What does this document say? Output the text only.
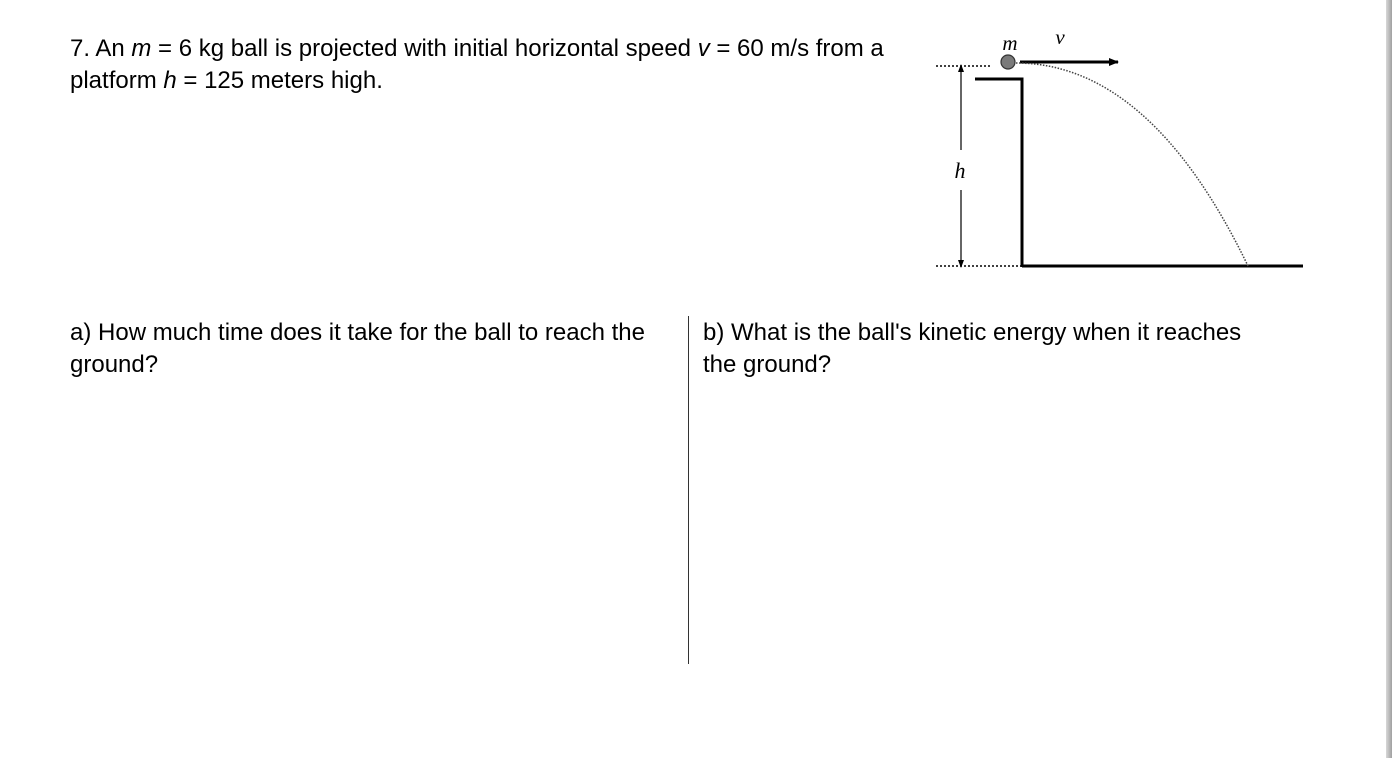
7. An m = 6 kg ball is projected with initial horizontal speed v = 60 m/s from a platform h = 125 meters high.
h
m v
a) How much time does it take for the ball to reach the ground?
b) What is the ball's kinetic energy when it reaches the ground?
